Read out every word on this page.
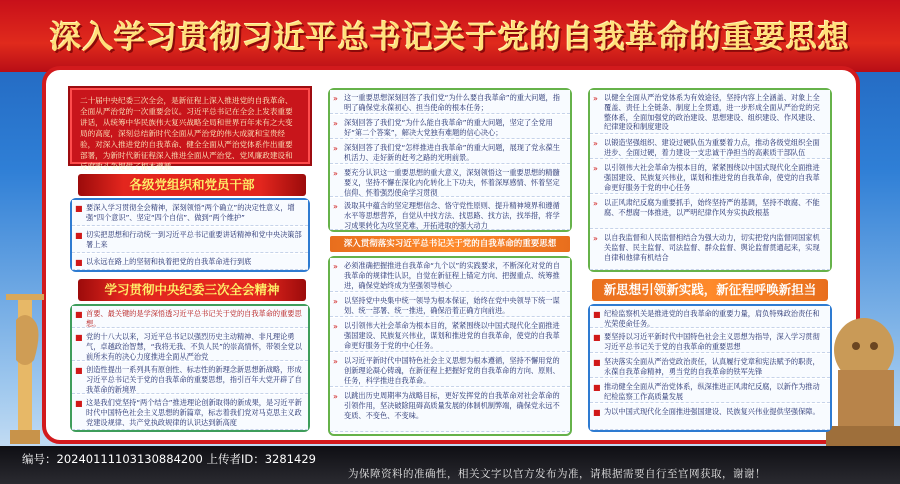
深入学习贯彻习近平总书记关于党的自我革命的重要思想
二十届中央纪委三次全会，是新征程上深入推进党的自我革命、全面从严治党的一次重要会议。习近平总书记在全会上发表重要讲话，从统筹中华民族伟大复兴战略全局和世界百年未有之大变局的高度，深刻总结新时代全面从严治党的伟大成就和宝贵经验，对深入推进党的自我革命、健全全面从严治党体系作出重要部署，为新时代新征程深入推进全面从严治党、党风廉政建设和反腐败斗争提供了根本遵循。
各级党组织和党员干部
■ 要深入学习贯彻全会精神，深刻领悟“两个确立”的决定性意义，增强“四个意识”、坚定“四个自信”、做到“两个维护”
■ 切实把思想和行动统一到习近平总书记重要讲话精神和党中央决策部署上来
■ 以永远在路上的坚韧和执着把党的自我革命进行到底
学习贯彻中央纪委三次全会精神
■ 首要、最关键的是学深悟透习近平总书记关于党的自我革命的重要思想。
■ 党的十八大以来，习近平总书记以强烈历史主动精神、非凡理论勇气，卓越政治智慧，“我将无我、不负人民”的崇高情怀，带领全党以前所未有的决心力度推进全面从严治党
■ 创造性提出一系列具有原创性、标志性的新理念新思想新战略，形成习近平总书记关于党的自我革命的重要思想，指引百年大党开辟了自我革命的新境界
■ 这是我们党坚持“两个结合”推进理论创新取得的新成果，是习近平新时代中国特色社会主义思想的新篇章，标志着我们党对马克思主义政党建设规律、共产党执政规律的认识达到新高度
» 这一重要思想深刻回答了我们党“为什么要自我革命”的重大问题，指明了确保党永葆初心、担当使命的根本任务；
» 深刻回答了我们党“为什么能自我革命”的重大问题，坚定了全党用好“第二个答案”，解决大党独有难题的信心决心；
» 深刻回答了我们党“怎样推进自我革命”的重大问题，展现了党永葆生机活力、走好新的赶考之路的光明前景。
» 要充分认识这一重要思想的重大意义，深刻领悟这一重要思想的精髓要义，坚持不懈在深化内化转化上下功夫，怀着深厚感情、怀着坚定信仰、怀着强烈使命学习贯彻
» 汲取其中蕴含的坚定理想信念、恪守党性原则、提升精神境界和遵循水平等思想营养，自觉从中找方法、找思路、找方法，找举措，将学习成果转化为攻坚克难、开拓进取的强大动力
深入贯彻落实习近平总书记关于党的自我革命的重要思想
» 必须准确把握推进自我革命“九个以”的实践要求，不断深化对党的自我革命的规律性认识，自觉在新征程上锚定方向、把握重点、统筹推进，确保党始终成为坚强领导核心
» 以坚持党中央集中统一领导为根本保证，始终在党中央领导下统一谋划、统一部署、统一推进，确保沿着正确方向前进。
» 以引领伟大社会革命为根本目的，紧紧围绕以中国式现代化全面推进强国建设、民族复兴伟业，谋划和推进党的自我革命，使党的自我革命更好服务于党的中心任务。
» 以习近平新时代中国特色社会主义思想为根本遵循，坚持不懈用党的创新理论凝心铸魂，在新征程上把握好党的自我革命的方向、原则、任务，科学推进自我革命。
» 以跳出历史周期率为战略目标，更好发挥党的自我革命对社会革命的引领作用，坚决破除阻碍高质量发展的体制机制弊端，确保党永远不变质、不变色、不变味。
» 以健全全面从严治党体系为有效途径，坚持内容上全涵盖、对象上全覆盖、责任上全链条、制度上全贯通，进一步形成全面从严治党的完整体系，全面加强党的政治建设、思想建设、组织建设、作风建设、纪律建设和制度建设
» 以锻造坚强组织、建设过硬队伍为重要着力点，推动各级党组织全面进步、全面过硬，着力建设一支忠诚干净担当的高素质干部队伍
» 以引领伟大社会革命为根本目的，紧紧围绕以中国式现代化全面推进强国建设、民族复兴伟业，谋划和推进党的自我革命，使党的自我革命更好服务于党的中心任务
» 以正风肃纪反腐为重要抓手，始终坚持严的基调，坚持不敢腐、不能腐、不想腐一体推进，以严明纪律作风夯实执政根基
» 以自我监督和人民监督相结合为强大动力，切实把党内监督同国家机关监督、民主监督、司法监督、群众监督、舆论监督贯通起来，实现自律和他律有机结合
新思想引领新实践，新征程呼唤新担当
■ 纪检监察机关是推进党的自我革命的重要力量，肩负特殊政治责任和光荣使命任务。
■ 要坚持以习近平新时代中国特色社会主义思想为指导，深入学习贯彻习近平总书记关于党的自我革命的重要思想
■ 坚决落实全面从严治党政治责任，认真履行党章和宪法赋予的职责，永葆自我革命精神，勇当党的自我革命的铁军先锋
■ 推动健全全面从严治党体系，纵深推进正风肃纪反腐，以新作为推动纪检监察工作高质量发展
■ 为以中国式现代化全面推进强国建设、民族复兴伟业提供坚强保障。
编号：20240111103130884200 上传者ID：3281429
为保障资料的准确性，相关文字以官方发布为准，请根据需要自行至官网获取，谢谢！
